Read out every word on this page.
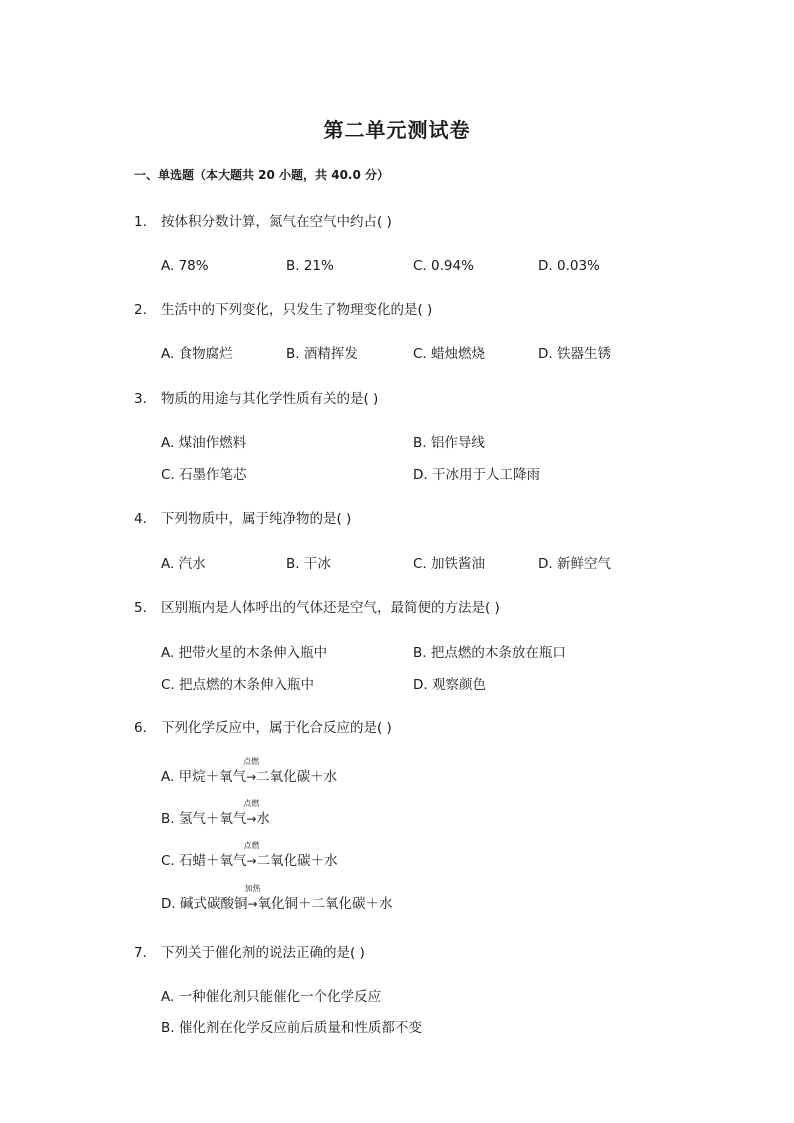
第二单元测试卷
一、单选题（本大题共 20 小题，共 40.0 分）
1. 按体积分数计算，氮气在空气中约占( )
A. 78%	B. 21%	C. 0.94%	D. 0.03%
2. 生活中的下列变化，只发生了物理变化的是( )
A. 食物腐烂	B. 酒精挥发	C. 蜡烛燃烧	D. 铁器生锈
3. 物质的用途与其化学性质有关的是( )
A. 煤油作燃料	B. 铝作导线
C. 石墨作笔芯	D. 干冰用于人工降雨
4. 下列物质中，属于纯净物的是( )
A. 汽水	B. 干冰	C. 加铁酱油	D. 新鲜空气
5. 区别瓶内是人体呼出的气体还是空气，最简便的方法是( )
A. 把带火星的木条伸入瓶中	B. 把点燃的木条放在瓶口
C. 把点燃的木条伸入瓶中	D. 观察颜色
6. 下列化学反应中，属于化合反应的是( )
A. 甲烷＋氧气
点燃
→二氧化碳＋水
B. 氢气＋氧气
点燃
→水
C. 石蜡＋氧气
点燃
→二氧化碳＋水
D. 碱式碳酸铜
加热
→氧化铜＋二氧化碳＋水
7. 下列关于催化剂的说法正确的是( )
A. 一种催化剂只能催化一个化学反应
B. 催化剂在化学反应前后质量和性质都不变
